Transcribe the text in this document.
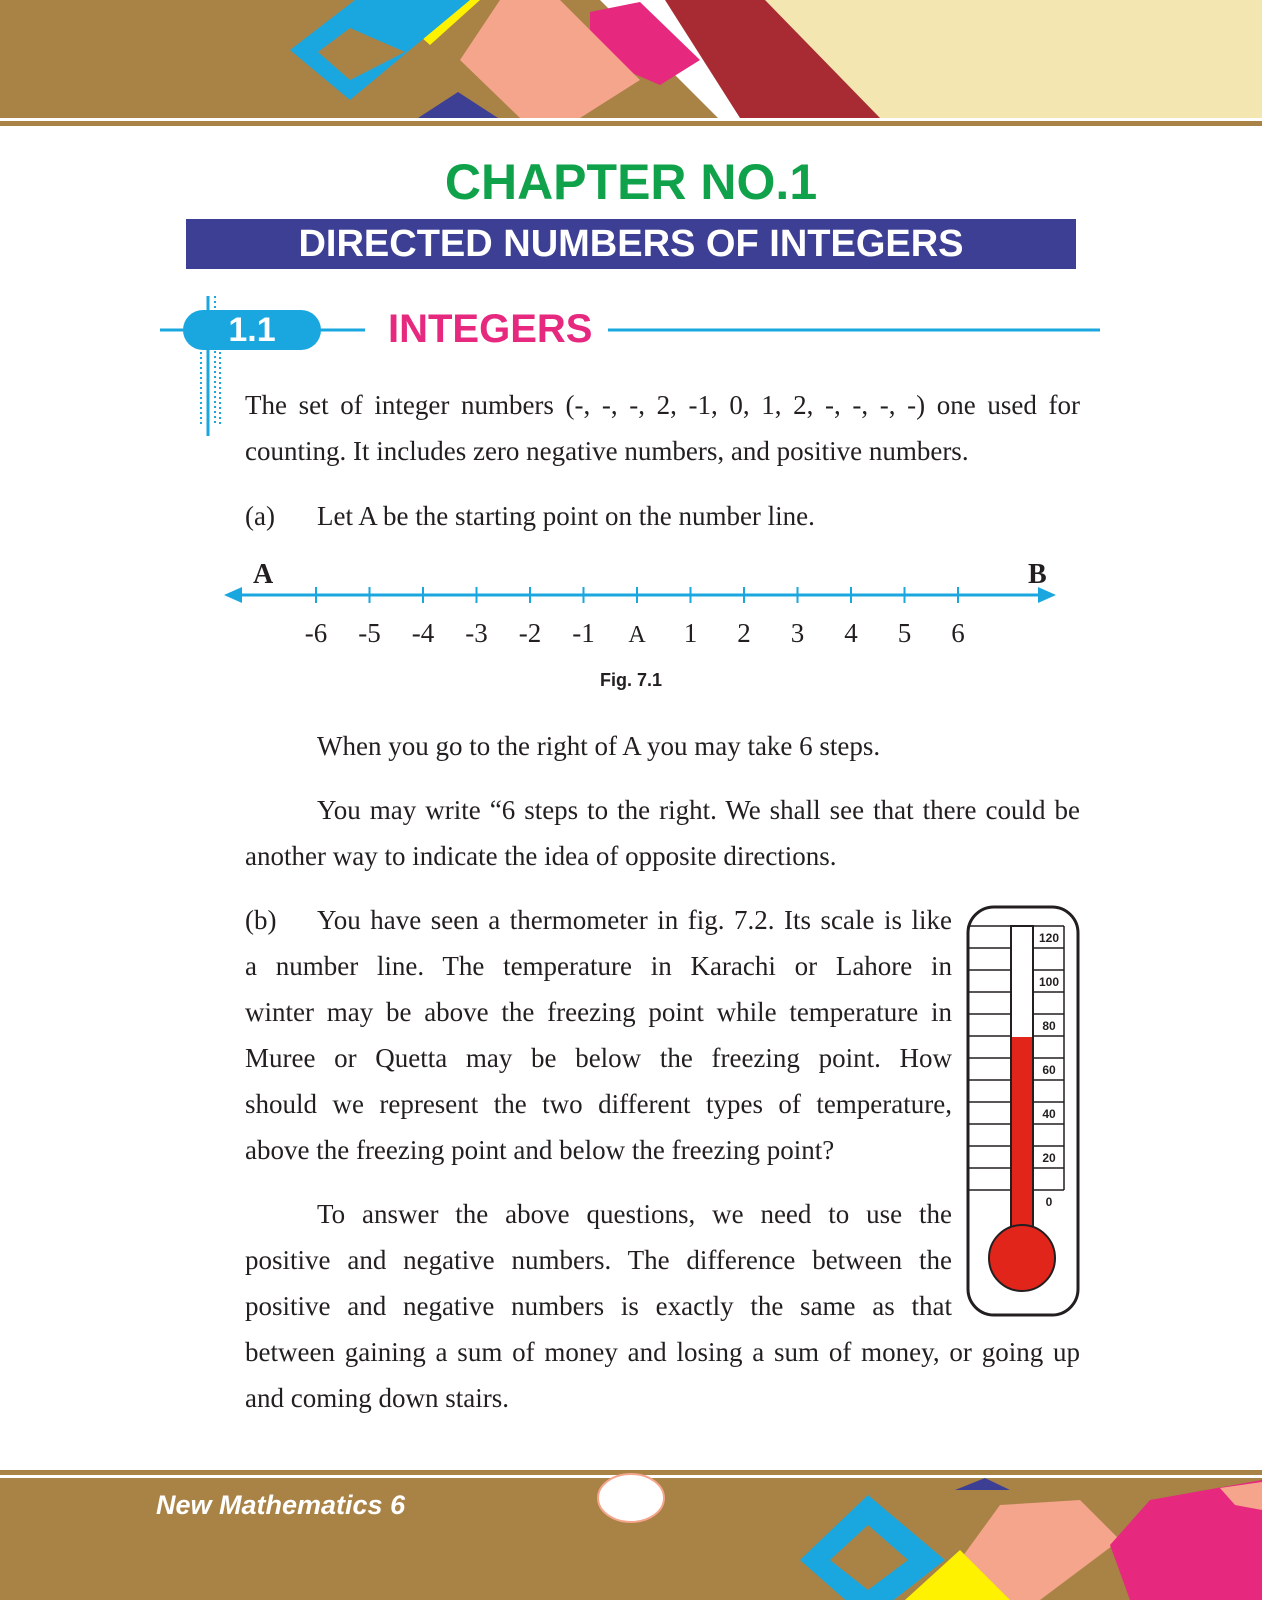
CHAPTER NO.1
DIRECTED NUMBERS OF INTEGERS
1.1	INTEGERS
The set of integer numbers (-, -, -, 2, -1, 0, 1, 2, -, -, -, -) one used for
counting. It includes zero negative numbers, and positive numbers.
(a) Let A be the starting point on the number line.
A	B
-6	-5	-4	-3	-2	-1	A	1	2	3	4	5	6
Fig. 7.1
When you go to the right of A you may take 6 steps.
You may write “6 steps to the right. We shall see that there could be
another way to indicate the idea of opposite directions.
(b) You have seen a thermometer in fig. 7.2. Its scale is like
a number line. The temperature in Karachi or Lahore in
winter may be above the freezing point while temperature in
Muree or Quetta may be below the freezing point. How
should we represent the two different types of temperature,
above the freezing point and below the freezing point?
To answer the above questions, we need to use the
positive and negative numbers. The difference between the
positive and negative numbers is exactly the same as that
between gaining a sum of money and losing a sum of money, or going up
and coming down stairs.
120
100
80
60
40
20
0
New Mathematics 6
